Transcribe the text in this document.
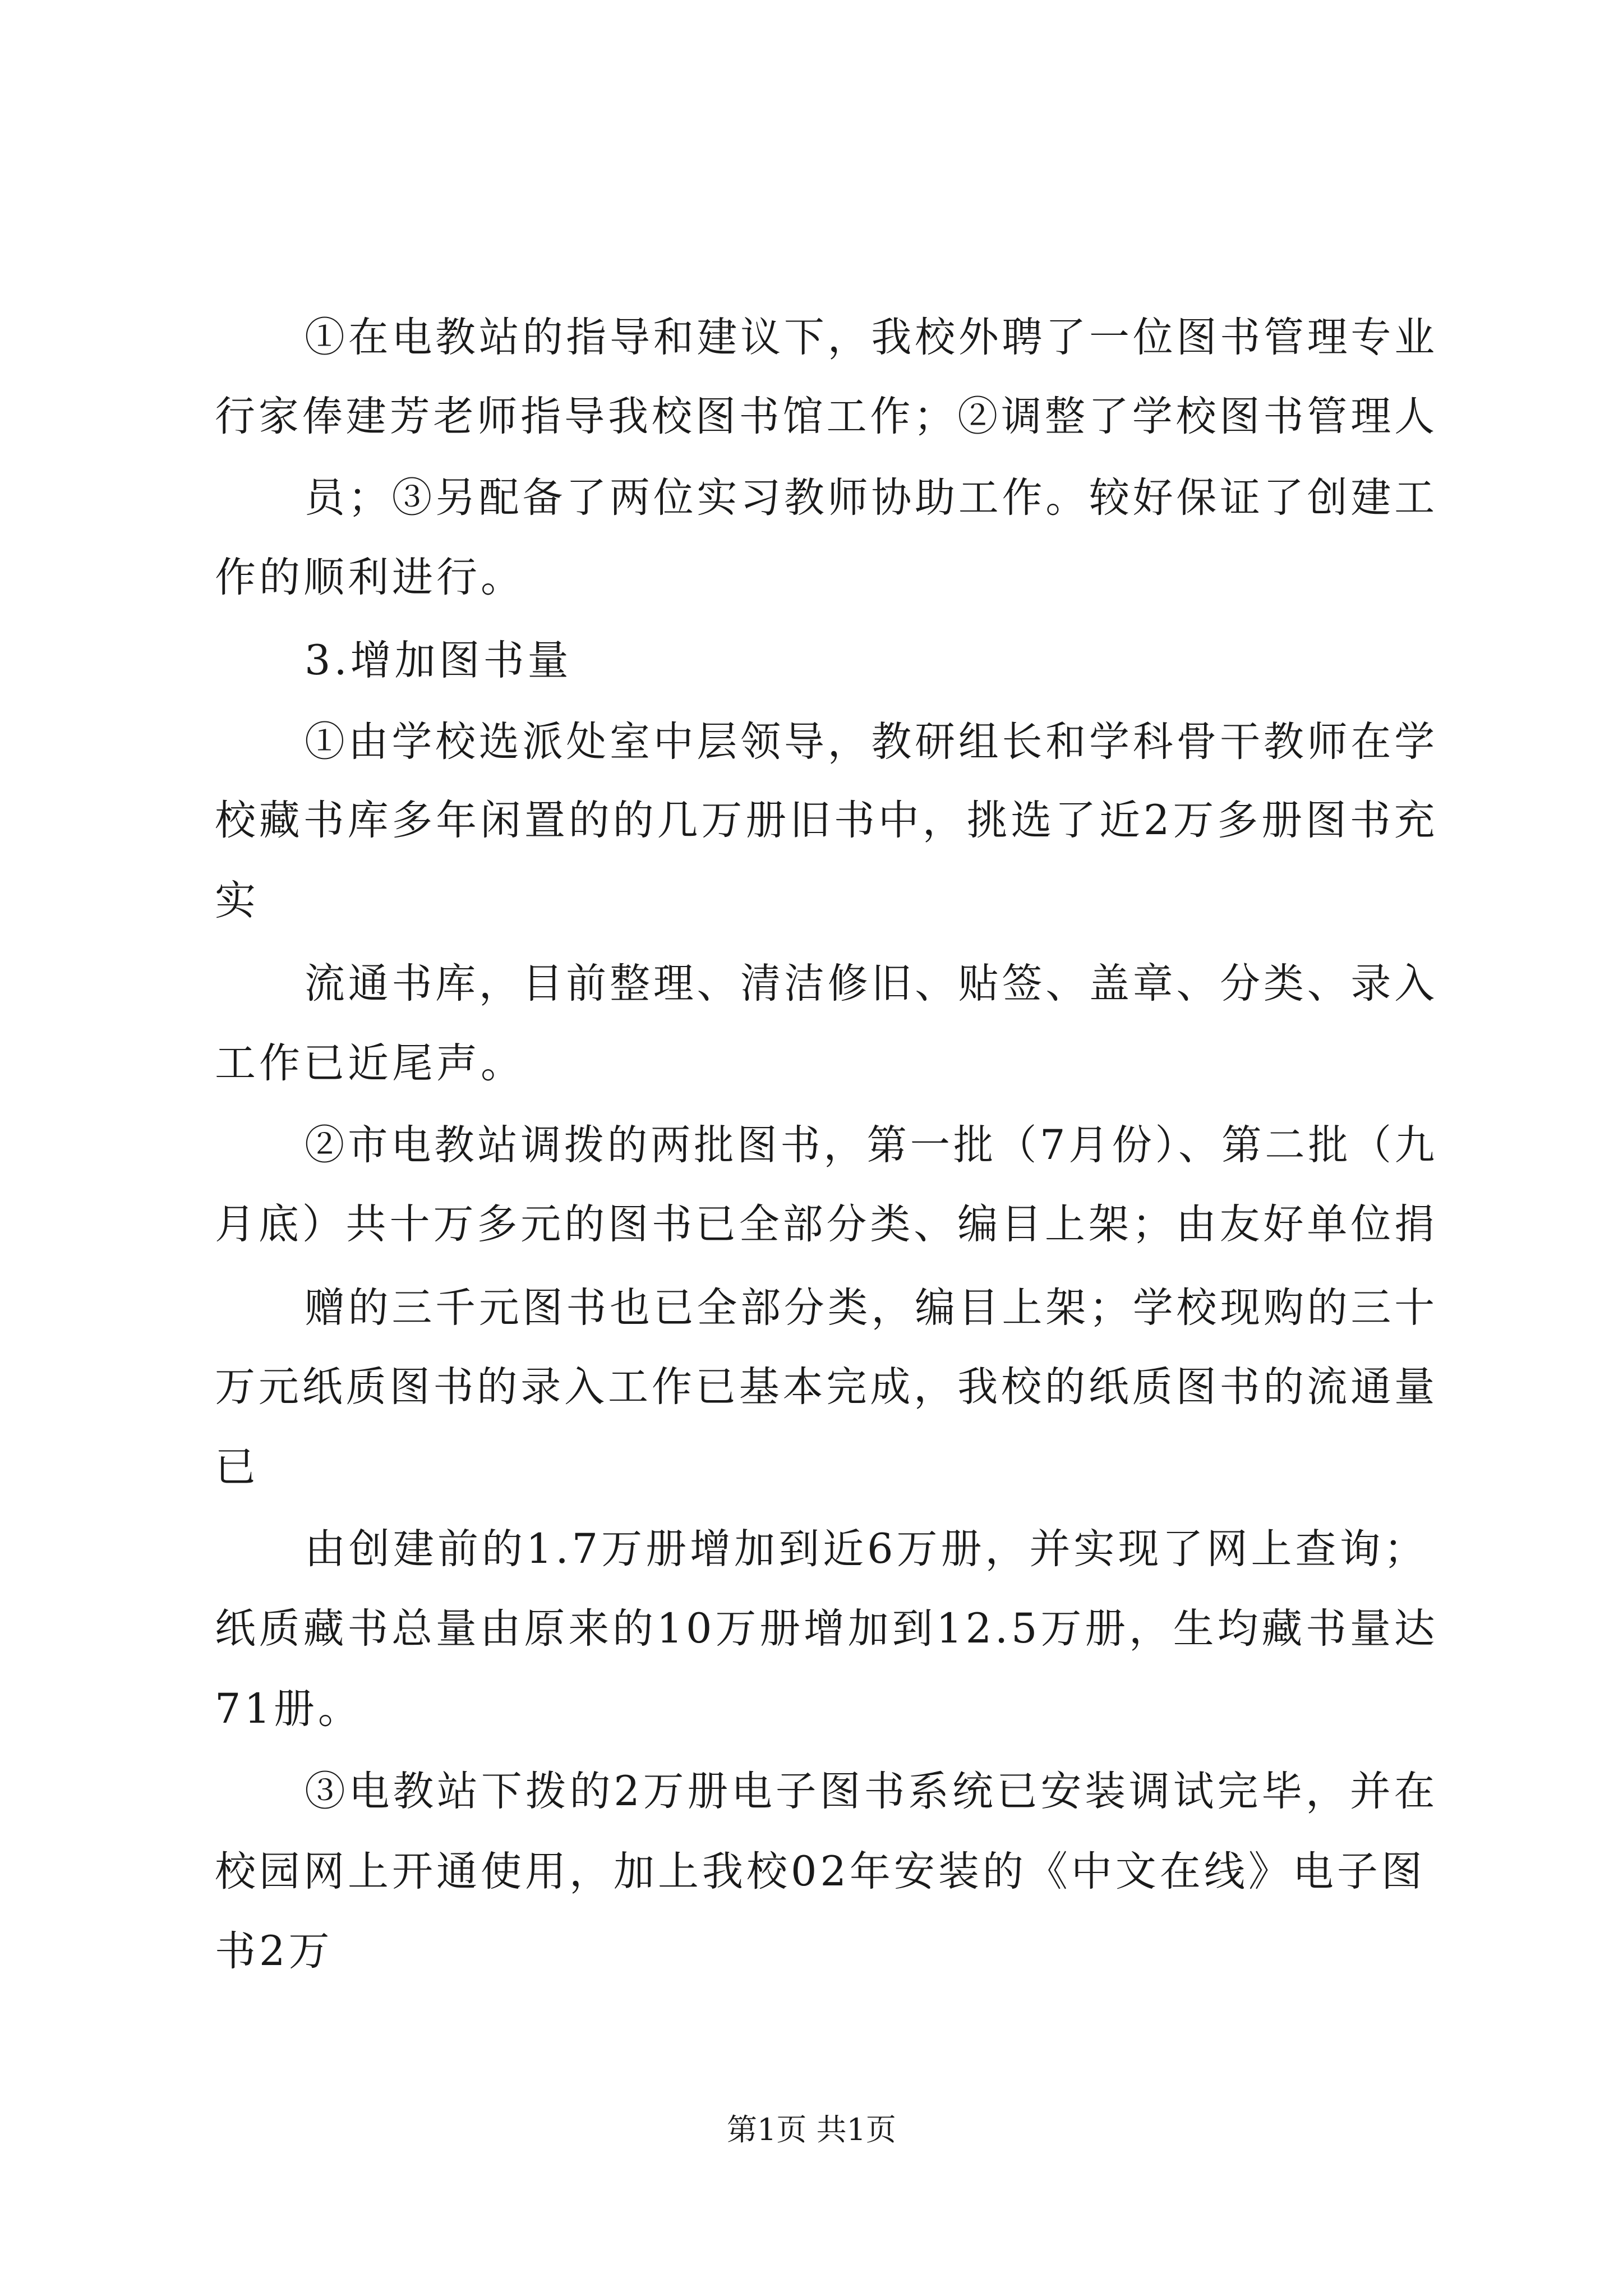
①在电教站的指导和建议下，我校外聘了一位图书管理专业
行家俸建芳老师指导我校图书馆工作；②调整了学校图书管理人
员；③另配备了两位实习教师协助工作。较好保证了创建工
作的顺利进行。
3.增加图书量
①由学校选派处室中层领导，教研组长和学科骨干教师在学
校藏书库多年闲置的的几万册旧书中，挑选了近2万多册图书充
实
流通书库，目前整理、清洁修旧、贴签、盖章、分类、录入
工作已近尾声。
②市电教站调拨的两批图书，第一批（7月份）、第二批（九
月底）共十万多元的图书已全部分类、编目上架；由友好单位捐
赠的三千元图书也已全部分类，编目上架；学校现购的三十
万元纸质图书的录入工作已基本完成，我校的纸质图书的流通量
已
由创建前的1.7万册增加到近6万册，并实现了网上查询；
纸质藏书总量由原来的10万册增加到12.5万册，生均藏书量达
71册。
③电教站下拨的2万册电子图书系统已安装调试完毕，并在
校园网上开通使用，加上我校02年安装的《中文在线》电子图
书2万
第1页 共1页
